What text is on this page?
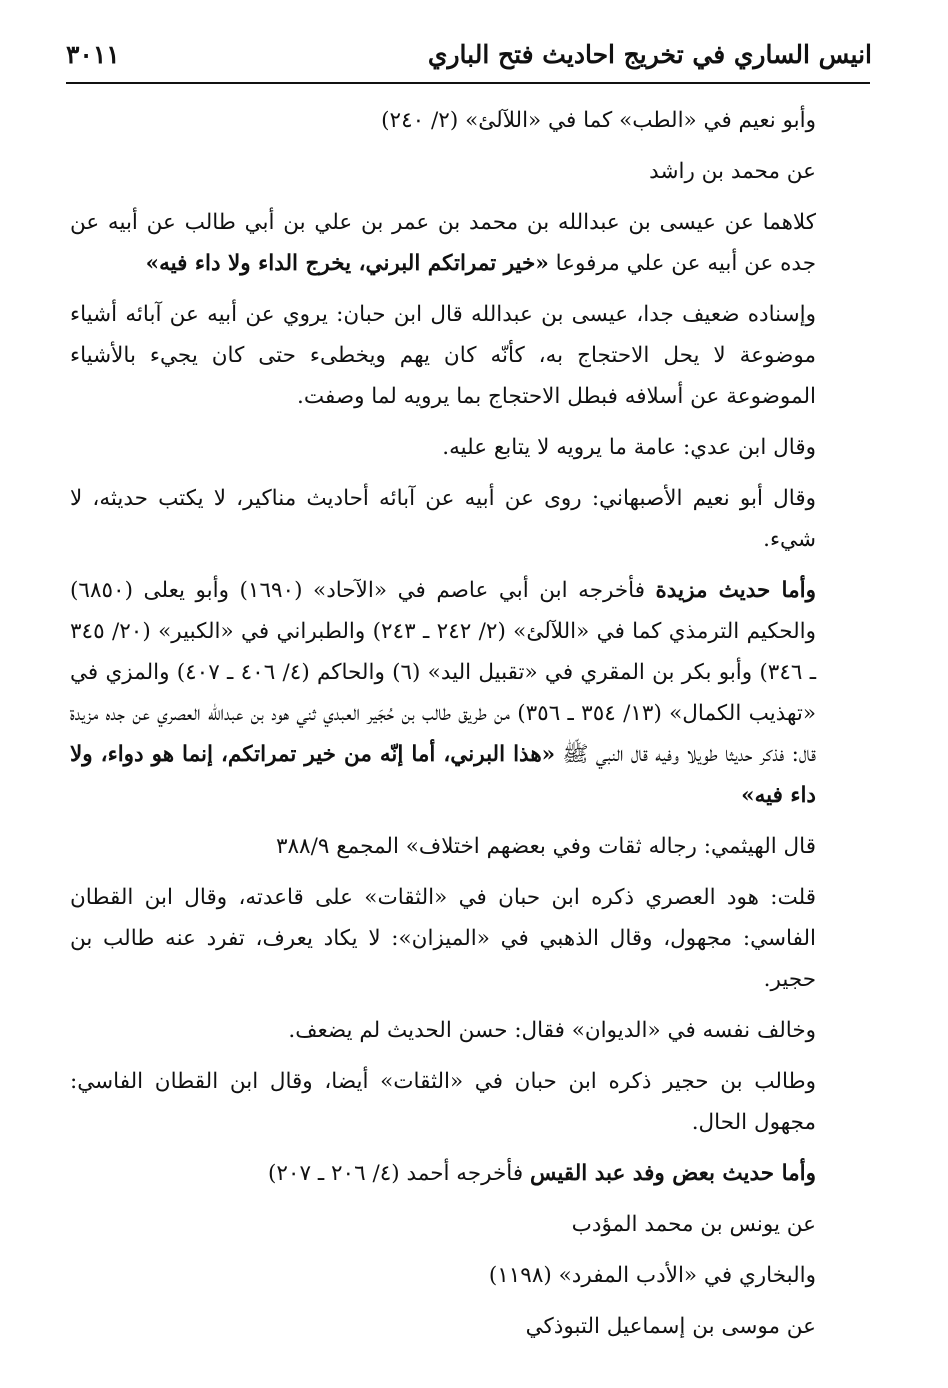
انيس الساري في تخريج احاديث فتح الباري
٣٠١١

وأبو نعيم في «الطب» كما في «اللآلئ» (٢/ ٢٤٠)

عن محمد بن راشد

كلاهما عن عيسى بن عبدالله بن محمد بن عمر بن علي بن أبي طالب عن أبيه عن جده عن أبيه عن علي مرفوعا «خير تمراتكم البرني، يخرج الداء ولا داء فيه»

وإسناده ضعيف جدا، عيسى بن عبدالله قال ابن حبان: يروي عن أبيه عن آبائه أشياء موضوعة لا يحل الاحتجاج به، كأنّه كان يهم ويخطىء حتى كان يجيء بالأشياء الموضوعة عن أسلافه فبطل الاحتجاج بما يرويه لما وصفت.

وقال ابن عدي: عامة ما يرويه لا يتابع عليه.

وقال أبو نعيم الأصبهاني: روى عن أبيه عن آبائه أحاديث مناكير، لا يكتب حديثه، لا شيء.

وأما حديث مزيدة فأخرجه ابن أبي عاصم في «الآحاد» (١٦٩٠) وأبو يعلى (٦٨٥٠) والحكيم الترمذي كما في «اللآلئ» (٢/ ٢٤٢ ـ ٢٤٣) والطبراني في «الكبير» (٢٠/ ٣٤٥ ـ ٣٤٦) وأبو بكر بن المقري في «تقبيل اليد» (٦) والحاكم (٤/ ٤٠٦ ـ ٤٠٧) والمزي في «تهذيب الكمال» (١٣/ ٣٥٤ ـ ٣٥٦) من طريق طالب بن حُجَير العبدي ثني هود بن عبدالله العصري عن جده مزيدة قال: فذكر حديثا طويلا وفيه قال النبي ﷺ «هذا البرني، أما إنّه من خير تمراتكم، إنما هو دواء، ولا داء فيه»

قال الهيثمي: رجاله ثقات وفي بعضهم اختلاف» المجمع ٣٨٨/٩

قلت: هود العصري ذكره ابن حبان في «الثقات» على قاعدته، وقال ابن القطان الفاسي: مجهول، وقال الذهبي في «الميزان»: لا يكاد يعرف، تفرد عنه طالب بن حجير.

وخالف نفسه في «الديوان» فقال: حسن الحديث لم يضعف.

وطالب بن حجير ذكره ابن حبان في «الثقات» أيضا، وقال ابن القطان الفاسي: مجهول الحال.

وأما حديث بعض وفد عبد القيس فأخرجه أحمد (٤/ ٢٠٦ ـ ٢٠٧)

عن يونس بن محمد المؤدب

والبخاري في «الأدب المفرد» (١١٩٨)

عن موسى بن إسماعيل التبوذكي
